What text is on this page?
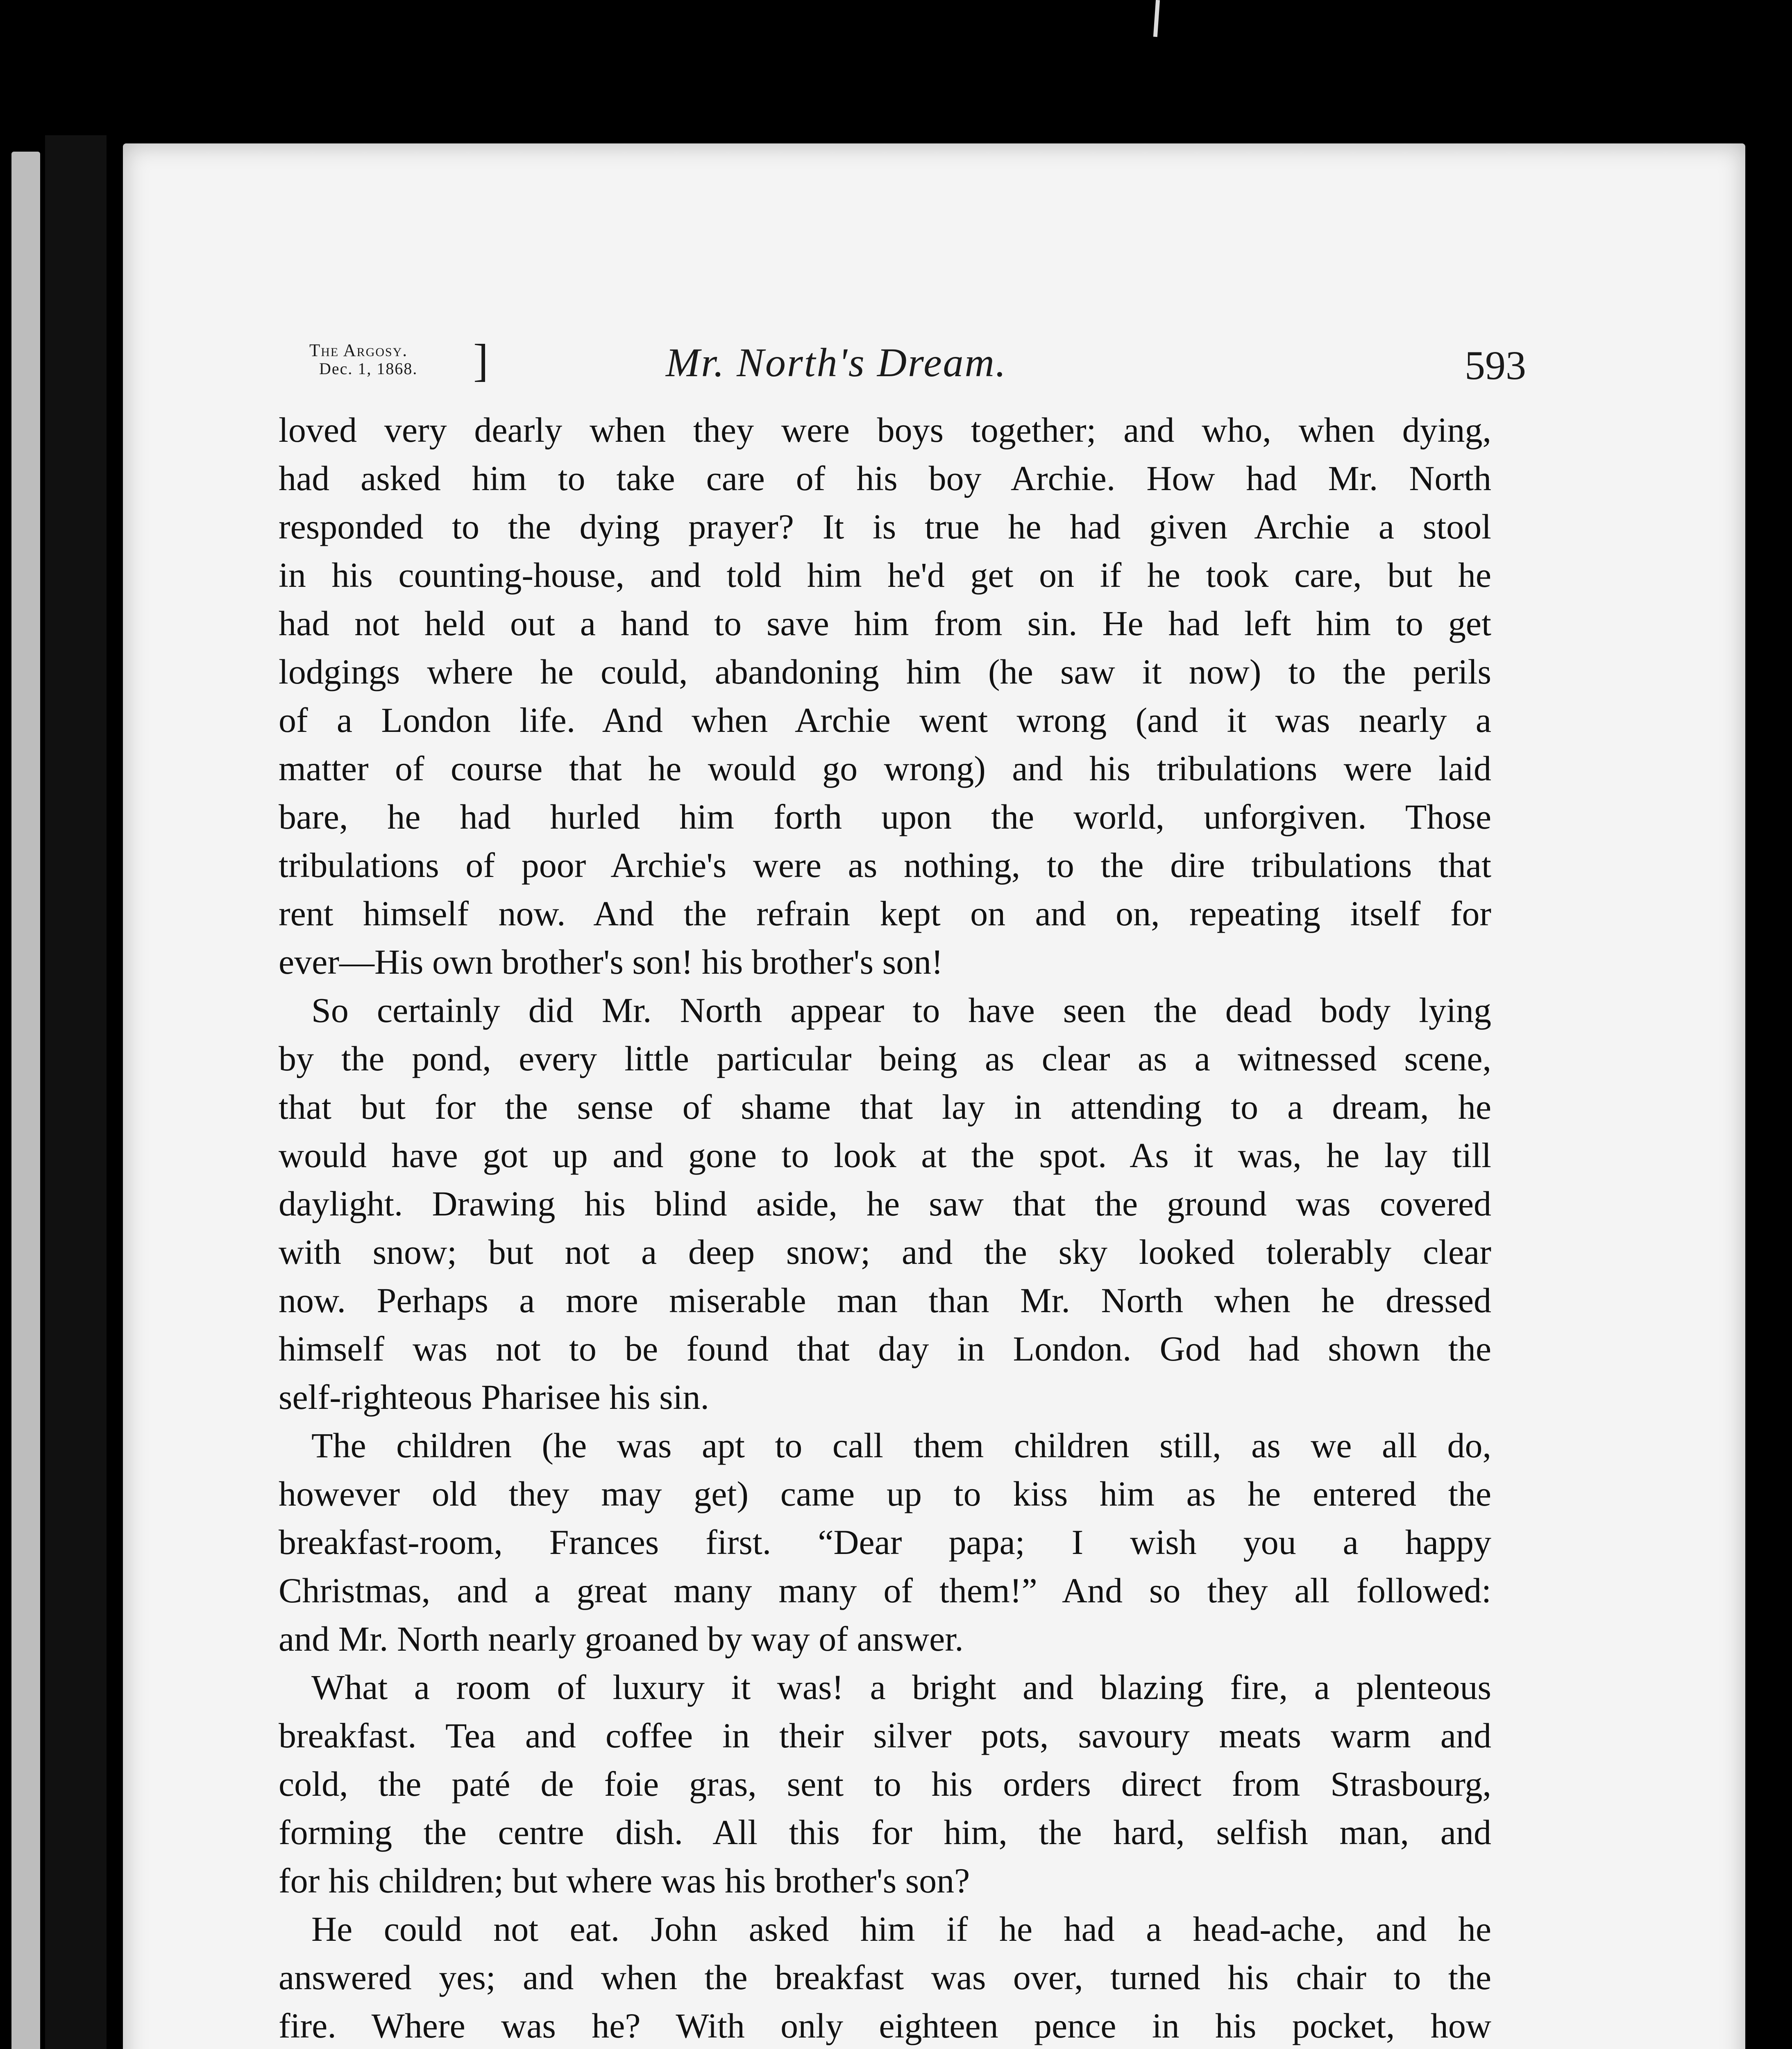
The Argosy.
Dec. 1, 1868. ]	Mr. North's Dream.	593
loved very dearly when they were boys together; and who, when dying,
had asked him to take care of his boy Archie. How had Mr. North
responded to the dying prayer? It is true he had given Archie a stool
in his counting-house, and told him he'd get on if he took care, but he
had not held out a hand to save him from sin. He had left him to get
lodgings where he could, abandoning him (he saw it now) to the perils
of a London life. And when Archie went wrong (and it was nearly a
matter of course that he would go wrong) and his tribulations were laid
bare, he had hurled him forth upon the world, unforgiven. Those
tribulations of poor Archie's were as nothing, to the dire tribulations that
rent himself now. And the refrain kept on and on, repeating itself for
ever—His own brother's son! his brother's son!
So certainly did Mr. North appear to have seen the dead body lying
by the pond, every little particular being as clear as a witnessed scene,
that but for the sense of shame that lay in attending to a dream, he
would have got up and gone to look at the spot. As it was, he lay till
daylight. Drawing his blind aside, he saw that the ground was covered
with snow; but not a deep snow; and the sky looked tolerably clear
now. Perhaps a more miserable man than Mr. North when he dressed
himself was not to be found that day in London. God had shown the
self-righteous Pharisee his sin.
The children (he was apt to call them children still, as we all do,
however old they may get) came up to kiss him as he entered the
breakfast-room, Frances first. “Dear papa; I wish you a happy
Christmas, and a great many many of them!” And so they all followed:
and Mr. North nearly groaned by way of answer.
What a room of luxury it was! a bright and blazing fire, a plenteous
breakfast. Tea and coffee in their silver pots, savoury meats warm and
cold, the paté de foie gras, sent to his orders direct from Strasbourg,
forming the centre dish. All this for him, the hard, selfish man, and
for his children; but where was his brother's son?
He could not eat. John asked him if he had a head-ache, and he
answered yes; and when the breakfast was over, turned his chair to the
fire. Where was he? With only eighteen pence in his pocket, how
